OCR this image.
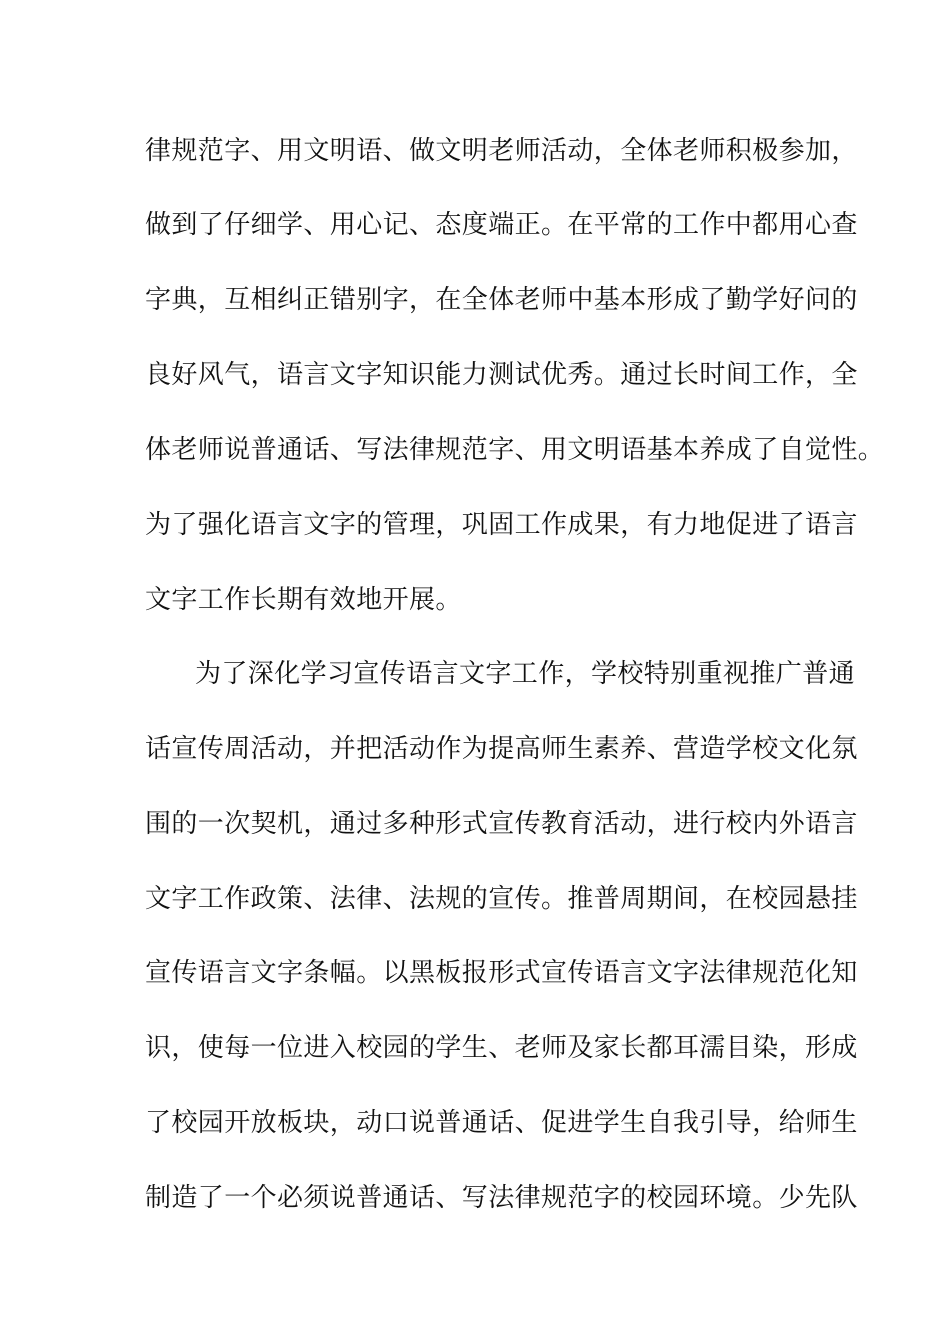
律规范字、用文明语、做文明老师活动，全体老师积极参加，
做到了仔细学、用心记、态度端正。在平常的工作中都用心查
字典，互相纠正错别字，在全体老师中基本形成了勤学好问的
良好风气，语言文字知识能力测试优秀。通过长时间工作，全
体老师说普通话、写法律规范字、用文明语基本养成了自觉性。
为了强化语言文字的管理，巩固工作成果，有力地促进了语言
文字工作长期有效地开展。
为了深化学习宣传语言文字工作，学校特别重视推广普通
话宣传周活动，并把活动作为提高师生素养、营造学校文化氛
围的一次契机，通过多种形式宣传教育活动，进行校内外语言
文字工作政策、法律、法规的宣传。推普周期间，在校园悬挂
宣传语言文字条幅。以黑板报形式宣传语言文字法律规范化知
识，使每一位进入校园的学生、老师及家长都耳濡目染，形成
了校园开放板块，动口说普通话、促进学生自我引导，给师生
制造了一个必须说普通话、写法律规范字的校园环境。少先队
